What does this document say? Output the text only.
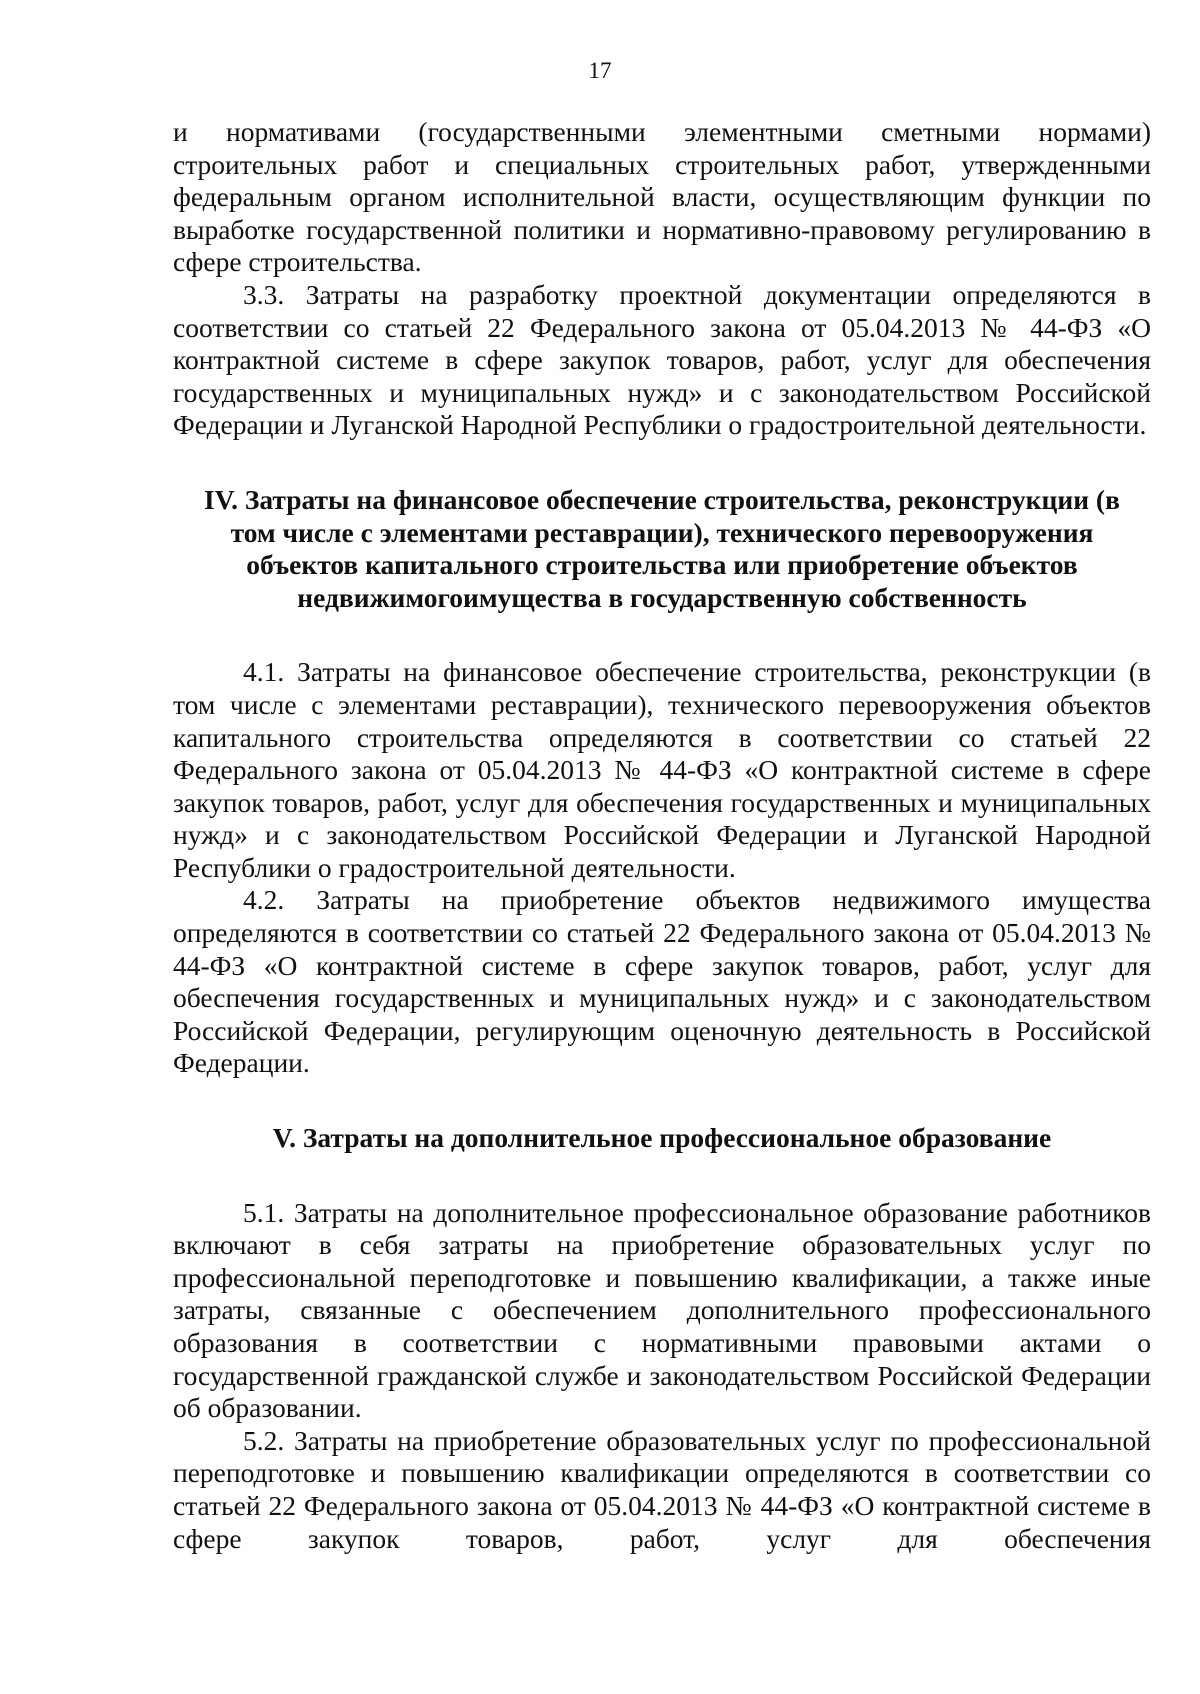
17

и нормативами (государственными элементными сметными нормами) строительных работ и специальных строительных работ, утвержденными федеральным органом исполнительной власти, осуществляющим функции по выработке государственной политики и нормативно-правовому регулированию в сфере строительства.

3.3. Затраты на разработку проектной документации определяются в соответствии со статьей 22 Федерального закона от 05.04.2013 № 44-ФЗ «О контрактной системе в сфере закупок товаров, работ, услуг для обеспечения государственных и муниципальных нужд» и с законодательством Российской Федерации и Луганской Народной Республики о градостроительной деятельности.

IV. Затраты на финансовое обеспечение строительства, реконструкции (в том числе с элементами реставрации), технического перевооружения объектов капитального строительства или приобретение объектов недвижимогоимущества в государственную собственность

4.1. Затраты на финансовое обеспечение строительства, реконструкции (в том числе с элементами реставрации), технического перевооружения объектов капитального строительства определяются в соответствии со статьей 22 Федерального закона от 05.04.2013 № 44-ФЗ «О контрактной системе в сфере закупок товаров, работ, услуг для обеспечения государственных и муниципальных нужд» и с законодательством Российской Федерации и Луганской Народной Республики о градостроительной деятельности.

4.2. Затраты на приобретение объектов недвижимого имущества определяются в соответствии со статьей 22 Федерального закона от 05.04.2013 № 44-ФЗ «О контрактной системе в сфере закупок товаров, работ, услуг для обеспечения государственных и муниципальных нужд» и с законодательством Российской Федерации, регулирующим оценочную деятельность в Российской Федерации.

V. Затраты на дополнительное профессиональное образование

5.1. Затраты на дополнительное профессиональное образование работников включают в себя затраты на приобретение образовательных услуг по профессиональной переподготовке и повышению квалификации, а также иные затраты, связанные с обеспечением дополнительного профессионального образования в соответствии с нормативными правовыми актами о государственной гражданской службе и законодательством Российской Федерации об образовании.

5.2. Затраты на приобретение образовательных услуг по профессиональной переподготовке и повышению квалификации определяются в соответствии со статьей 22 Федерального закона от 05.04.2013 № 44-ФЗ «О контрактной системе в сфере закупок товаров, работ, услуг для обеспечения
